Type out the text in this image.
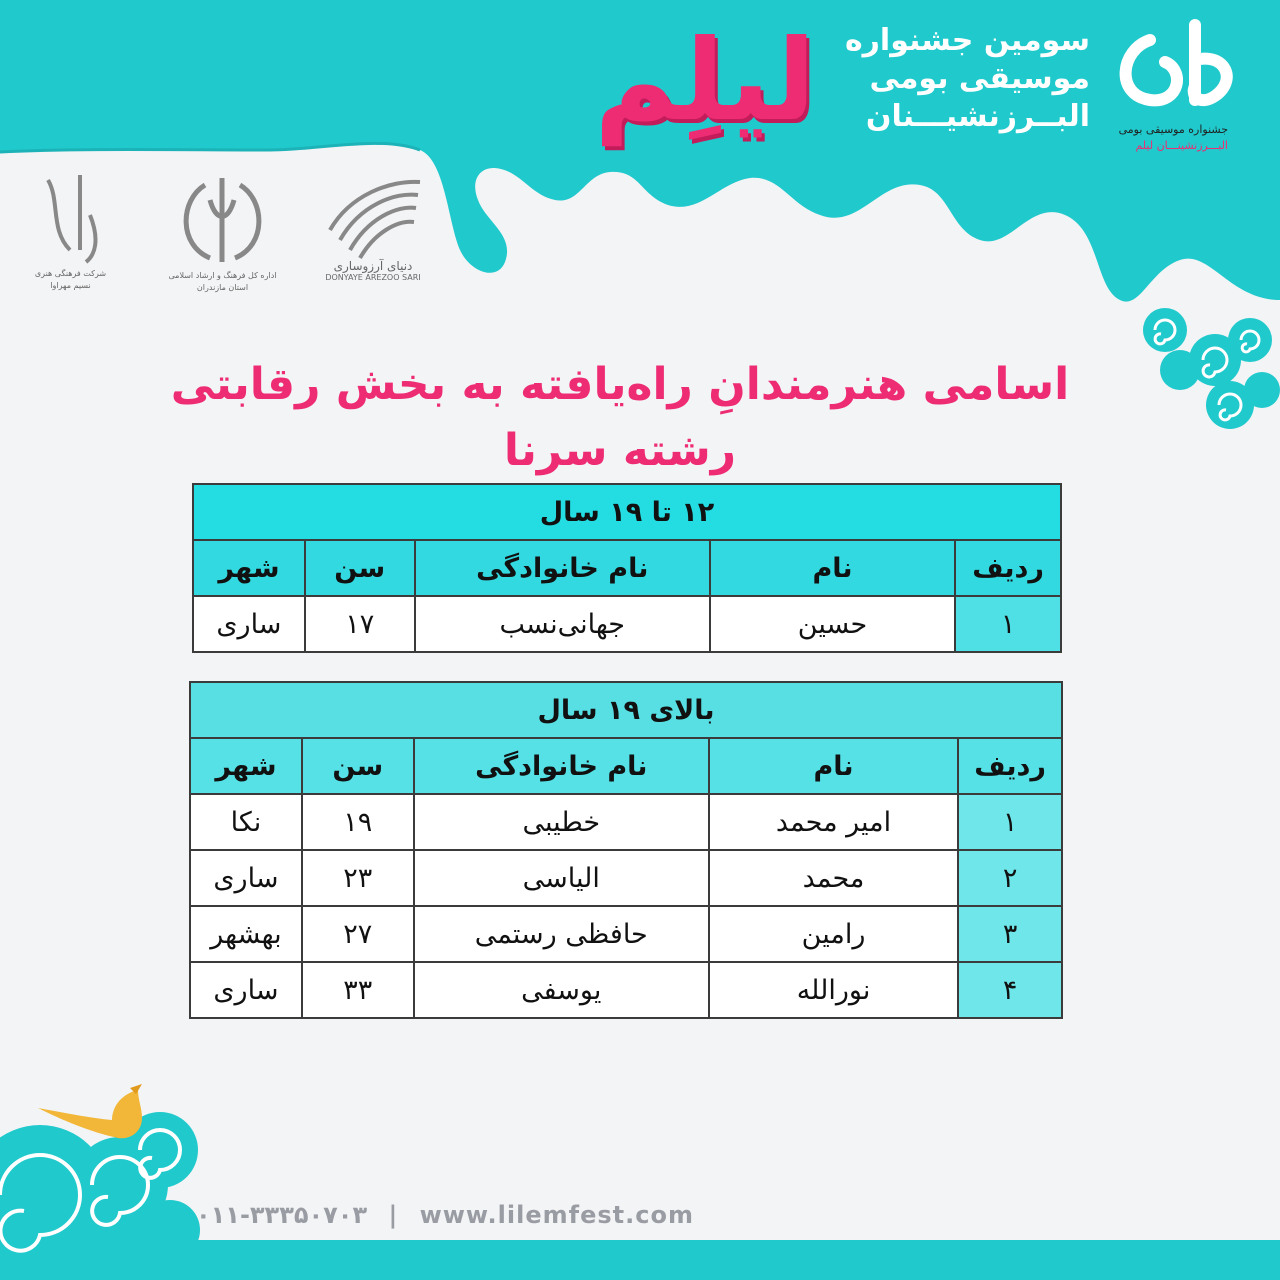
سومین جشنواره
موسیقی بومی
البــرزنشیـــنان
لیلِم	جشنواره موسیقی بومی
البـــرزنشینـــان لیلم
دنیای آرزوساری
DONYAYE AREZOO SARI
اداره کل فرهنگ و ارشاد اسلامی استان مازندران
شرکت فرهنگی هنری نسیم مهراوا
اسامی هنرمندانِ راه‌یافته به بخش رقابتی رشته سرنا
۱۲ تا ۱۹ سال				
ردیف	نام	نام خانوادگی	سن	شهر
۱	حسین	جهانی‌نسب	۱۷	ساری
بالای ۱۹ سال				
ردیف	نام	نام خانوادگی	سن	شهر
۱	امیر محمد	خطیبی	۱۹	نکا
۲	محمد	الیاسی	۲۳	ساری
۳	رامین	حافظی رستمی	۲۷	بهشهر
۴	نورالله	یوسفی	۳۳	ساری
۰۱۱-۳۳۳۵۰۷۰۳ | www.lilemfest.com
